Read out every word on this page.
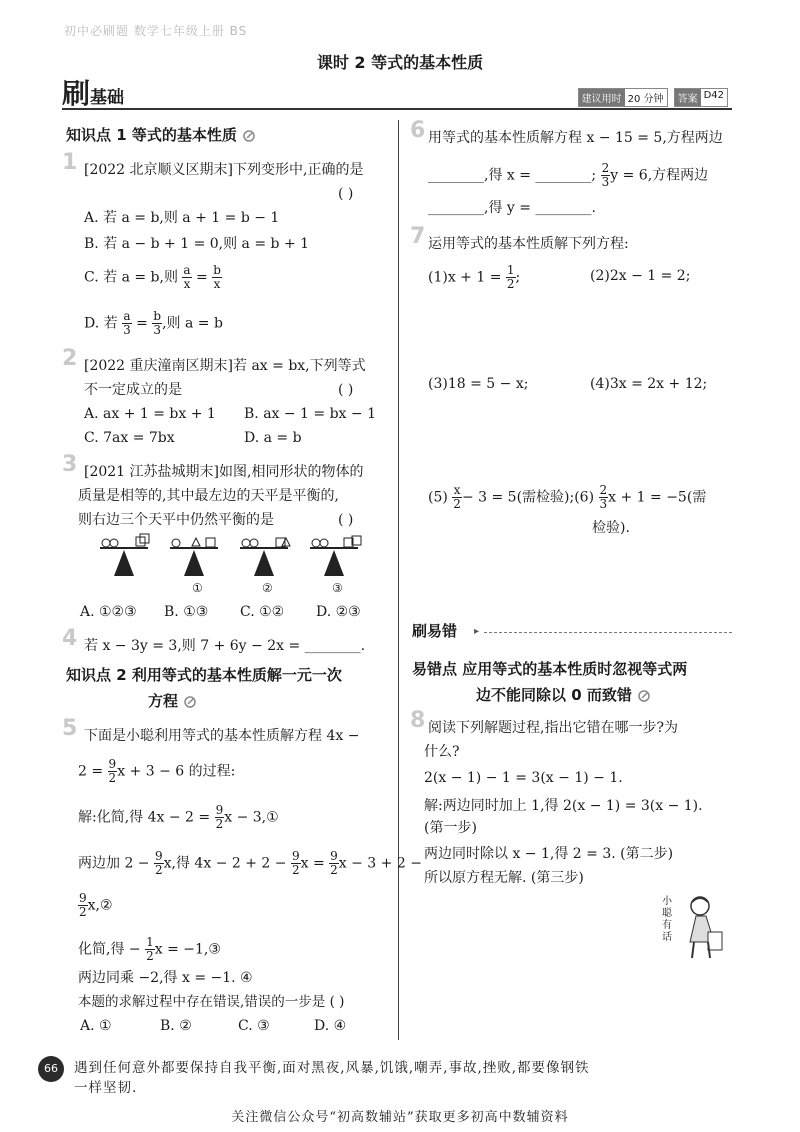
初中必刷题 数学七年级上册 BS
课时 2 等式的基本性质
刷基础	建议用时 20 分钟	答案 D42
知识点 1 等式的基本性质
1 [2022 北京顺义区期末]下列变形中,正确的是
( )
A. 若 a = b,则 a + 1 = b − 1
B. 若 a − b + 1 = 0,则 a = b + 1
C. 若 a = b,则 $\frac{a}{x} = \frac{b}{x}$
D. 若 $\frac{a}{3} = \frac{b}{3}$ ,则 a = b
2 [2022 重庆潼南区期末]若 ax = bx,下列等式
不一定成立的是	( )
A. ax + 1 = bx + 1 B. ax − 1 = bx − 1
C. 7ax = 7bx	D. a = b
3 [2021 江苏盐城期末]如图,相同形状的物体的
质量是相等的,其中最左边的天平是平衡的,
则右边三个天平中仍然平衡的是	( )
①	②	③
A. ①②③ B. ①③ C. ①② D. ②③
4 若 x − 3y = 3,则 7 + 6y − 2x = ________.
知识点 2 利用等式的基本性质解一元一次
方程
5 下面是小聪利用等式的基本性质解方程 4x −
$2 = \frac{9}{2}$ x + 3 − 6 的过程:
解:化简,得 $4x - 2 = \frac{9}{2}$ x − 3,①
两边加 $2 - \frac{9}{2} x$,得 $4x - 2 + 2 - \frac{9}{2}$ $x = \frac{9}{2}$ x − 3 + 2 −
$\frac{9}{2}$ x,②
化简,得 − $\frac{1}{2}$ x = −1,③
两边同乘 −2,得 x = −1. ④
本题的求解过程中存在错误,错误的一步是 ( )
A. ①	B. ②	C. ③	D. ④
6 用等式的基本性质解方程 x − 15 = 5,方程两边
________,得 x = ________; $\frac{2}{3}$ y = 6,方程两边
________,得 y = ________.
7 运用等式的基本性质解下列方程:
$(1)x + 1 = \frac{1}{2}$ ;	(2)2x − 1 = 2;
(3)18 = 5 − x;	(4)3x = 2x + 12;
$(5) \frac{x}{2} - 3 = 5$(需检验);(6) $\frac{2}{3}$ x + 1 = −5(需
检验).
刷易错 ▸
易错点 应用等式的基本性质时忽视等式两
边不能同除以 0 而致错
8 阅读下列解题过程,指出它错在哪一步?为
什么?
2(x − 1) − 1 = 3(x − 1) − 1.
解:两边同时加上 1,得 2(x − 1) = 3(x − 1).
(第一步)
两边同时除以 x − 1,得 2 = 3. (第二步)
所以原方程无解. (第三步)
小聪有话
66	遇到任何意外都要保持自我平衡,面对黑夜,风暴,饥饿,嘲弄,事故,挫败,都要像钢铁
一样坚韧.
关注微信公众号“初高数辅站”获取更多初高中数辅资料
